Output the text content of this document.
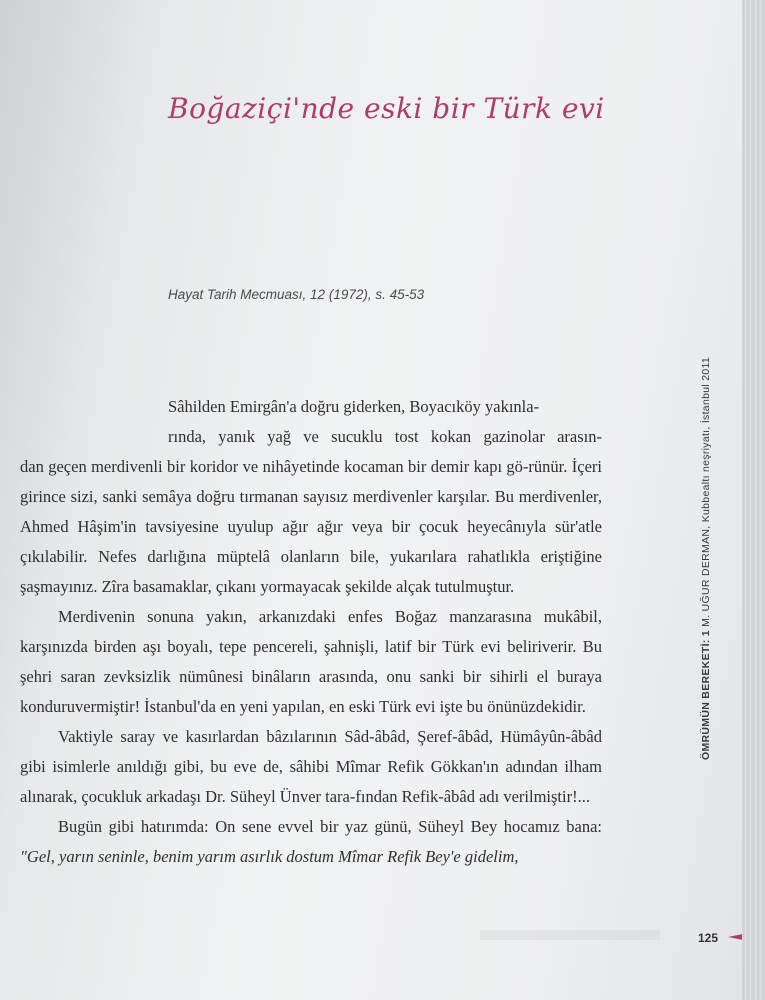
Boğaziçi'nde eski bir Türk evi
Hayat Tarih Mecmuası, 12 (1972), s. 45-53

Sâhilden Emirgân'a doğru giderken, Boyacıköy yakınla-
rında, yanık yağ ve sucuklu tost kokan gazinolar arasın-
dan geçen merdivenli bir koridor ve nihâyetinde kocaman bir demir kapı gö-rünür. İçeri girince sizi, sanki semâya doğru tırmanan sayısız merdivenler karşılar. Bu merdivenler, Ahmed Hâşim'in tavsiyesine uyulup ağır ağır veya bir çocuk heyecânıyla sür'atle çıkılabilir. Nefes darlığına müptelâ olanların bile, yukarılara rahatlıkla eriştiğine şaşmayınız. Zîra basamaklar, çıkanı yormayacak şekilde alçak tutulmuştur.

Merdivenin sonuna yakın, arkanızdaki enfes Boğaz manzarasına mukâbil, karşınızda birden aşı boyalı, tepe pencereli, şahnişli, latif bir Türk evi beliriverir. Bu şehri saran zevksizlik nümûnesi binâların arasında, onu sanki bir sihirli el buraya konduruvermiştir! İstanbul'da en yeni yapılan, en eski Türk evi işte bu önünüzdekidir.

Vaktiyle saray ve kasırlardan bâzılarının Sâd-âbâd, Şeref-âbâd, Hümâyûn-âbâd gibi isimlerle anıldığı gibi, bu eve de, sâhibi Mîmar Refik Gökkan'ın adından ilham alınarak, çocukluk arkadaşı Dr. Süheyl Ünver tara-fından Refik-âbâd adı verilmiştir!...

Bugün gibi hatırımda: On sene evvel bir yaz günü, Süheyl Bey hocamız bana: "Gel, yarın seninle, benim yarım asırlık dostum Mîmar Refik Bey'e gidelim,

ÖMRÜMÜN BEREKETİ: 1 M. UĞUR DERMAN, Kubbealtı neşriyatı, İstanbul 2011
125
